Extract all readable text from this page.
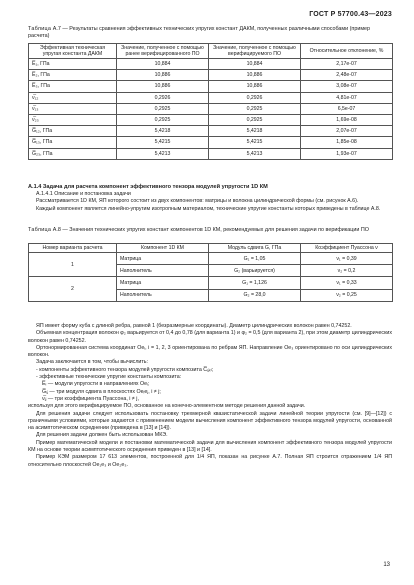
ГОСТ Р 57700.43—2023
Таблица А.7 — Результаты сравнения эффективных технических упругих констант ДАКМ, полученных различными способами (пример расчета)
Эффективная техническая упругая константа ДАКМ	Значение, полученное с помощью ранее верифицированного ПО	Значение, полученное с помощью верифицируемого ПО	Относительное отклонение, %
E̅₁, ГПа	10,884	10,884	2,17e-07
E̅₂, ГПа	10,886	10,886	2,48e-07
E̅₃, ГПа	10,886	10,886	3,08e-07
ν̅₁₂	0,2926	0,2926	4,81e-07
ν̅₁₃	0,2925	0,2925	6,5e-07
ν̅₂₃	0,2925	0,2925	1,69e-08
G̅₁₂, ГПа	5,4218	5,4218	2,07e-07
G̅₁₃, ГПа	5,4215	5,4215	1,85e-08
G̅₂₃, ГПа	5,4213	5,4213	1,93e-07
А.1.4 Задача для расчета компонент эффективного тензора модулей упругости 1D КМ

А.1.4.1 Описание и постановка задачи

Рассматривается 1D КМ, ЯП которого состоит из двух компонентов: матрицы и волокна цилиндрической формы (см. рисунок А.6).

Каждый компонент является линейно-упругим изотропным материалом, технические упругие константы которых приведены в таблице А.8.

Таблица А.8 — Значения технических упругих констант компонентов 1D КМ, рекомендуемых для решения задачи по верификации ПО
Номер варианта расчета	Компонент 1D КМ	Модуль сдвига G, ГПа	Коэффициент Пуассона ν
1	Матрица	G₁ = 1,05	ν₁ = 0,39
	Наполнитель	G₂ (варьируется)	ν₂ = 0,2
2	Матрица	G₁ = 1,126	ν₁ = 0,33
	Наполнитель	G₂ = 28,0	ν₂ = 0,25

ЯП имеет форму куба с длиной ребра, равной 1 (безразмерные координаты). Диаметр цилиндрических волокон равен 0,74252.

Объемная концентрация волокон φ₂ варьируется от 0,4 до 0,78 (для варианта 1) и φ₂ = 0,5 (для варианта 2), при этом диаметр цилиндрических волокон равен 0,74252.

Ортонормированная система координат Oeᵢ, i = 1, 2, 3 ориентирована по ребрам ЯП. Направление Oe₃ ориентировано по оси цилиндрических волокон.

Задача заключается в том, чтобы вычислить:

- компоненты эффективного тензора модулей упругости композита C̅ᵢⱼₖₗ;

- эффективные технические упругие константы композита:

E̅ᵢ — модули упругости в направлениях Oeᵢ;

G̅ᵢⱼ — три модуля сдвига в плоскостях Oeᵢeⱼ, i ≠ j;

ν̅ᵢⱼ — три коэффициента Пуассона, i ≠ j,

используя для этого верифицируемое ПО, основанное на конечно-элементном методе решения данной задачи.

Для решения задачи следует использовать постановку трехмерной квазистатической задачи линейной теории упругости (см. [9]—[12]) с граничными условиями, которые задаются с применением модели вычисления компонент эффективного тензора модулей упругости, основанной на асимптотическом осреднении (приведена в [13] и [14]).

Для решения задачи должен быть использован МКЭ.

Пример математической модели и постановки математической задачи для вычисления компонент эффективного тензора модулей упругости КМ на основе теории асимптотического осреднения приведен в [13] и [14].

Пример КЭМ размером 17 613 элементов, построенной для 1/4 ЯП, показан на рисунке А.7. Полная ЯП строится отражением 1/4 ЯП относительно плоскостей Oe₁e₃ и Oe₂e₃.

13
